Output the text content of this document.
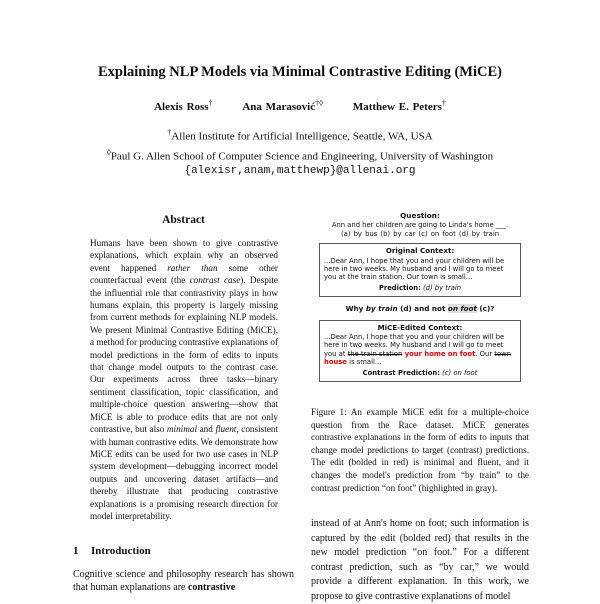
Explaining NLP Models via Minimal Contrastive Editing (MiCE)
Alexis Ross†	Ana Marasović†◊	Matthew E. Peters†
†Allen Institute for Artificial Intelligence, Seattle, WA, USA
◊Paul G. Allen School of Computer Science and Engineering, University of Washington
{alexisr,anam,matthewp}@allenai.org
Abstract
Humans have been shown to give contrastive explanations, which explain why an observed event happened rather than some other counterfactual event (the contrast case). Despite the influential role that contrastivity plays in how humans explain, this property is largely missing from current methods for explaining NLP models. We present Minimal Contrastive Editing (MiCE), a method for producing contrastive explanations of model predictions in the form of edits to inputs that change model outputs to the contrast case. Our experiments across three tasks—binary sentiment classification, topic classification, and multiple-choice question answering—show that MiCE is able to produce edits that are not only contrastive, but also minimal and fluent, consistent with human contrastive edits. We demonstrate how MiCE edits can be used for two use cases in NLP system development—debugging incorrect model outputs and uncovering dataset artifacts—and thereby illustrate that producing contrastive explanations is a promising research direction for model interpretability.
1 Introduction
Cognitive science and philosophy research has shown that human explanations are contrastive
Question:
Ann and her children are going to Linda's home ___.
(a) by bus (b) by car (c) on foot (d) by train
Original Context:
...Dear Ann, I hope that you and your children will be here in two weeks. My husband and I will go to meet you at the train station. Our town is small...
Prediction: (d) by train
Why by train (d) and not on foot (c)?
MiCE-Edited Context:
...Dear Ann, I hope that you and your children will be here in two weeks. My husband and I will go to meet you at the train station your home on foot. Our town house is small...
Contrast Prediction: (c) on foot
Figure 1: An example MiCE edit for a multiple-choice question from the Race dataset. MiCE generates contrastive explanations in the form of edits to inputs that change model predictions to target (contrast) predictions. The edit (bolded in red) is minimal and fluent, and it changes the model's prediction from “by train” to the contrast prediction “on foot” (highlighted in gray).
instead of at Ann's home on foot; such information is captured by the edit (bolded red) that results in the new model prediction “on foot.” For a different contrast prediction, such as “by car,” we would provide a different explanation. In this work, we propose to give contrastive explanations of model
